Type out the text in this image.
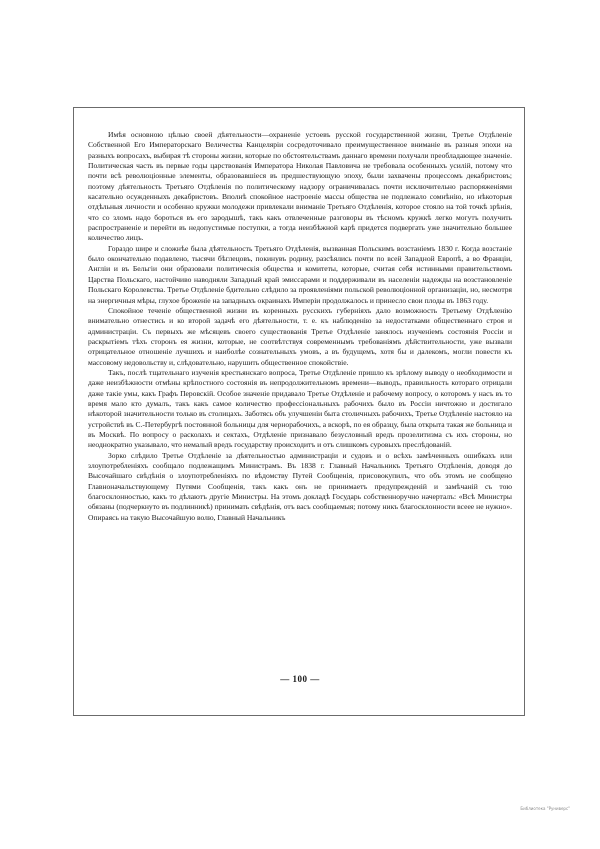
Имѣя основною цѣлью своей дѣятельности—охраненіе устоевъ русской государственной жизни, Третье Отдѣленіе Собственной Его Императорскаго Величества Канцеляріи сосредоточивало преимущественное вниманіе въ разныя эпохи на разныхъ вопросахъ, выбирая тѣ стороны жизни, которые по обстоятельствамъ даннаго времени получали преобладающее значеніе. Политическая часть въ первые годы царствованія Императора Николая Павловича не требовала особенныхъ усилій, потому что почти всѣ революціонные элементы, образовавшіеся въ предшествующую эпоху, были захвачены процессомъ декабристовъ; поэтому дѣятельность Третьяго Отдѣленія по политическому надзору ограничивалась почти исключительно распоряженіями касательно осужденныхъ декабристовъ. Вполнѣ спокойное настроеніе массы общества не подлежало сомнѣнію, но нѣкоторыя отдѣльныя личности и особенно кружки молодежи привлекали вниманіе Третьяго Отдѣленія, которое стояло на той точкѣ зрѣнія, что со зломъ надо бороться въ его зародышѣ, такъ какъ отвлеченные разговоры въ тѣсномъ кружкѣ легко могутъ получить распространеніе и перейти въ недопустимые поступки, а тогда неизбѣжной карѣ придется подвергать уже значительно большее количество лицъ.

Гораздо шире и сложнѣе была дѣятельность Третьяго Отдѣленія, вызванная Польскимъ возстаніемъ 1830 г. Когда возстаніе было окончательно подавлено, тысячи бѣглецовъ, покинувъ родину, разсѣялись почти по всей Западной Европѣ, а во Франціи, Англіи и въ Бельгіи они образовали политическія общества и комитеты, которые, считая себя истинными правительствомъ Царства Польскаго, настойчиво наводняли Западный край эмиссарами и поддерживали въ населеніи надежды на возстановленіе Польскаго Королевства. Третье Отдѣленіе бдительно слѣдило за проявленіями польской революціонной организаціи, но, несмотря на энергичныя мѣры, глухое броженіе на западныхъ окраинахъ Имперіи продолжалось и принесло свои плоды въ 1863 году.

Спокойное теченіе общественной жизни въ коренныхъ русскихъ губерніяхъ дало возможность Третьему Отдѣленію внимательно отнестись и ко второй задачѣ его дѣятельности, т. е. къ наблюденію за недостатками общественнаго строя и администраціи. Съ первыхъ же мѣсяцевъ своего существованія Третье Отдѣленіе занялось изученіемъ состоянія Россіи и раскрытіемъ тѣхъ сторонъ ея жизни, которые, не соотвѣтствуя современнымъ требованіямъ дѣйствительности, уже вызвали отрицательное отношеніе лучшихъ и наиболѣе сознательныхъ умовъ, а въ будущемъ, хотя бы и далекомъ, могли повести къ массовому недовольству и, слѣдовательно, нарушить общественное спокойствіе.

Такъ, послѣ тщательнаго изученія крестьянскаго вопроса, Третье Отдѣленіе пришло къ зрѣлому выводу о необходимости и даже неизбѣжности отмѣны крѣпостного состоянія въ непродолжительномъ времени—выводъ, правильность котораго отрицали даже такіе умы, какъ Графъ Перовскій. Особое значеніе придавало Третье Отдѣленіе и рабочему вопросу, о которомъ у насъ въ то время мало кто думалъ, такъ какъ самое количество профессіональныхъ рабочихъ было въ Россіи ничтожно и достигало нѣкоторой значительности только въ столицахъ. Заботясь объ улучшеніи быта столичныхъ рабочихъ, Третье Отдѣленіе настояло на устройствѣ въ С.-Петербургѣ постоянной больницы для чернорабочихъ, а вскорѣ, по ея образцу, была открыта такая же больница и въ Москвѣ. По вопросу о расколахъ и сектахъ, Отдѣленіе признавало безусловный вредъ прозелитизма съ ихъ стороны, но неоднократно указывало, что немалый вредъ государству происходитъ и отъ слишкомъ суровыхъ преслѣдованій.

Зорко слѣдило Третье Отдѣленіе за дѣятельностью администраціи и судовъ и о всѣхъ замѣченныхъ ошибкахъ или злоупотребленіяхъ сообщало подлежащимъ Министрамъ. Въ 1838 г. Главный Начальникъ Третьяго Отдѣленія, доводя до Высочайшаго свѣдѣнія о злоупотребленіяхъ по вѣдомству Путей Сообщенія, присовокупилъ, что объ этомъ не сообщено Главноначальствующему Путями Сообщенія, такъ какъ онъ не принимаетъ предупрежденій и замѣчаній съ тою благосклонностью, какъ то дѣлаютъ другіе Министры. На этомъ докладѣ Государь собственноручно начерталъ: «Всѣ Министры обязаны (подчеркнуто въ подлинникѣ) принимать свѣдѣнія, отъ васъ сообщаемыя; потому никъ благосклонности всеее не нужно». Опираясь на такую Высочайшую волю, Главный Начальникъ

— 100 —
Библиотека "Руниверс"
